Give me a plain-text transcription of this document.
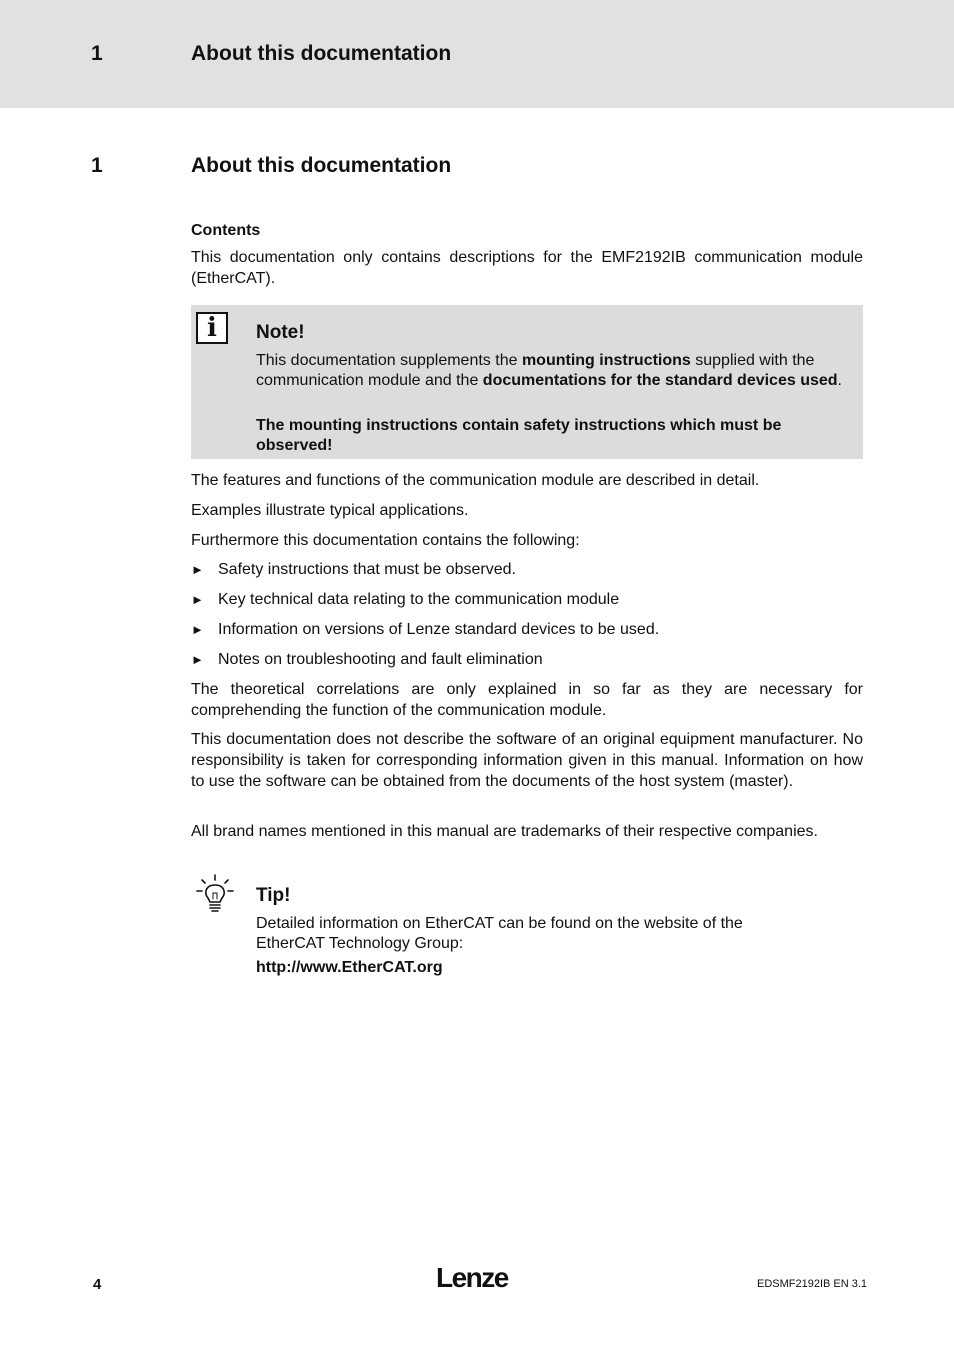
1	About this documentation
1	About this documentation
Contents
This documentation only contains descriptions for the EMF2192IB communication module (EtherCAT).
i	Note!
This documentation supplements the mounting instructions supplied with the communication module and the documentations for the standard devices used.
The mounting instructions contain safety instructions which must be observed!
The features and functions of the communication module are described in detail.
Examples illustrate typical applications.
Furthermore this documentation contains the following:
► Safety instructions that must be observed.
► Key technical data relating to the communication module
► Information on versions of Lenze standard devices to be used.
► Notes on troubleshooting and fault elimination
The theoretical correlations are only explained in so far as they are necessary for comprehending the function of the communication module.
This documentation does not describe the software of an original equipment manufacturer. No responsibility is taken for corresponding information given in this manual. Information on how to use the software can be obtained from the documents of the host system (master).
All brand names mentioned in this manual are trademarks of their respective companies.
Tip!
Detailed information on EtherCAT can be found on the website of the EtherCAT Technology Group:
http://www.EtherCAT.org
4	Lenze	EDSMF2192IB EN 3.1
